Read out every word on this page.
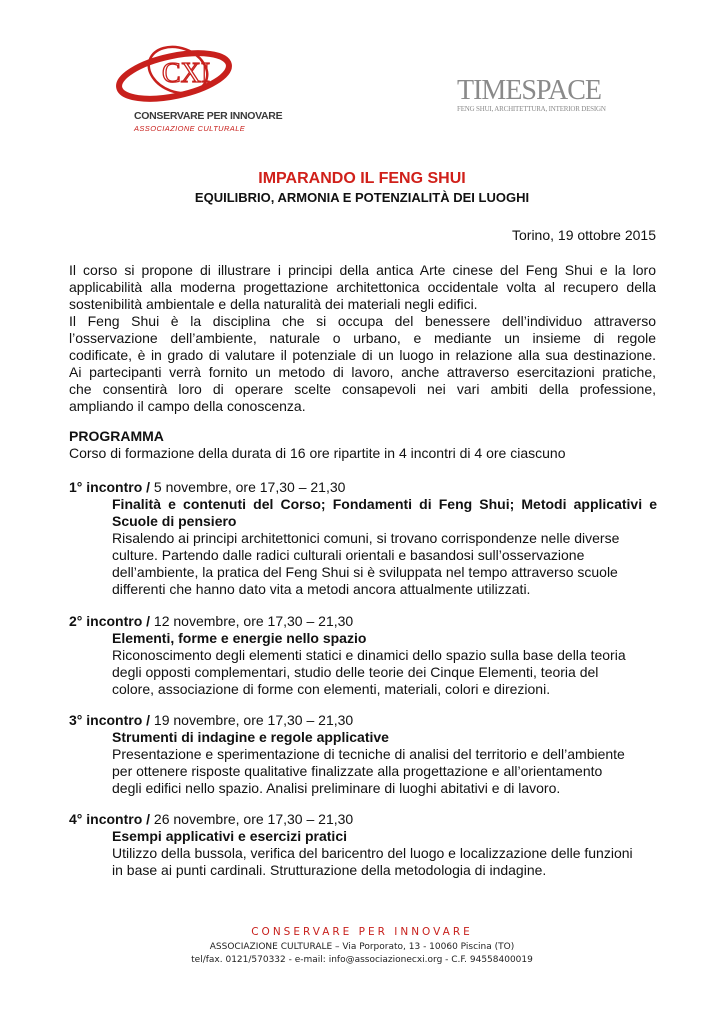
CXI
CONSERVARE PER INNOVARE
ASSOCIAZIONE CULTURALE
TIMESPACE
FENG SHUI, ARCHITETTURA, INTERIOR DESIGN
IMPARANDO IL FENG SHUI
EQUILIBRIO, ARMONIA E POTENZIALITÀ DEI LUOGHI
Torino, 19 ottobre 2015
Il corso si propone di illustrare i principi della antica Arte cinese del Feng Shui e la loro
applicabilità alla moderna progettazione architettonica occidentale volta al recupero della
sostenibilità ambientale e della naturalità dei materiali negli edifici.
Il Feng Shui è la disciplina che si occupa del benessere dell’individuo attraverso
l’osservazione dell’ambiente, naturale o urbano, e mediante un insieme di regole
codificate, è in grado di valutare il potenziale di un luogo in relazione alla sua destinazione.
Ai partecipanti verrà fornito un metodo di lavoro, anche attraverso esercitazioni pratiche,
che consentirà loro di operare scelte consapevoli nei vari ambiti della professione,
ampliando il campo della conoscenza.
PROGRAMMA
Corso di formazione della durata di 16 ore ripartite in 4 incontri di 4 ore ciascuno
1° incontro / 5 novembre, ore 17,30 – 21,30
Finalità e contenuti del Corso; Fondamenti di Feng Shui; Metodi applicativi e
Scuole di pensiero
Risalendo ai principi architettonici comuni, si trovano corrispondenze nelle diverse
culture. Partendo dalle radici culturali orientali e basandosi sull’osservazione
dell’ambiente, la pratica del Feng Shui si è sviluppata nel tempo attraverso scuole
differenti che hanno dato vita a metodi ancora attualmente utilizzati.
2° incontro / 12 novembre, ore 17,30 – 21,30
Elementi, forme e energie nello spazio
Riconoscimento degli elementi statici e dinamici dello spazio sulla base della teoria
degli opposti complementari, studio delle teorie dei Cinque Elementi, teoria del
colore, associazione di forme con elementi, materiali, colori e direzioni.
3° incontro / 19 novembre, ore 17,30 – 21,30
Strumenti di indagine e regole applicative
Presentazione e sperimentazione di tecniche di analisi del territorio e dell’ambiente
per ottenere risposte qualitative finalizzate alla progettazione e all’orientamento
degli edifici nello spazio. Analisi preliminare di luoghi abitativi e di lavoro.
4° incontro / 26 novembre, ore 17,30 – 21,30
Esempi applicativi e esercizi pratici
Utilizzo della bussola, verifica del baricentro del luogo e localizzazione delle funzioni
in base ai punti cardinali. Strutturazione della metodologia di indagine.
CONSERVARE PER INNOVARE
ASSOCIAZIONE CULTURALE – Via Porporato, 13 - 10060 Piscina (TO)
tel/fax. 0121/570332 - e-mail: info@associazionecxi.org - C.F. 94558400019
